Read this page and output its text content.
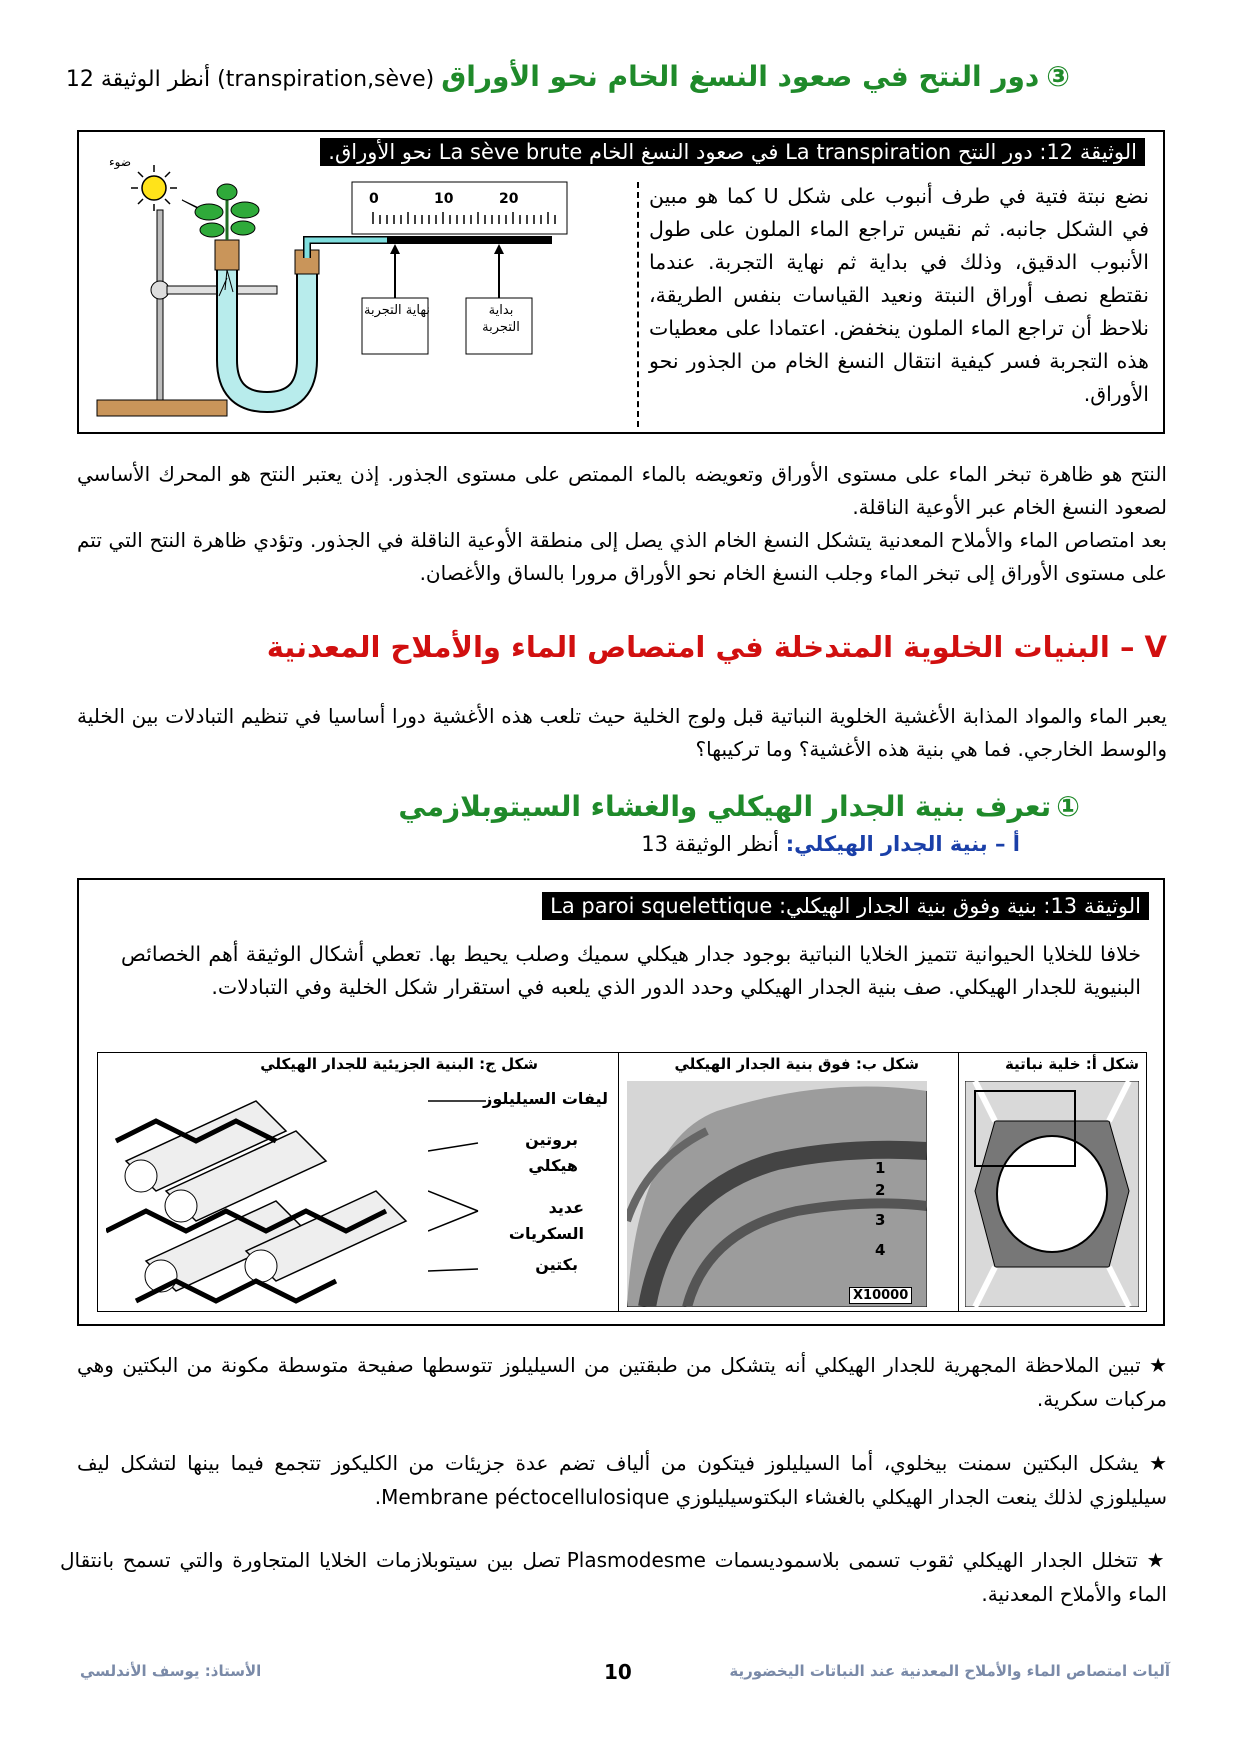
③ دور النتح في صعود النسغ الخام نحو الأوراق (transpiration,sève) أنظر الوثيقة 12
الوثيقة 12: دور النتح La transpiration في صعود النسغ الخام La sève brute نحو الأوراق.
نضع نبتة فتية في طرف أنبوب على شكل U كما هو مبين في الشكل جانبه. ثم نقيس تراجع الماء الملون على طول الأنبوب الدقيق، وذلك في بداية ثم نهاية التجربة. عندما نقتطع نصف أوراق النبتة ونعيد القياسات بنفس الطريقة، نلاحظ أن تراجع الماء الملون ينخفض. اعتمادا على معطيات هذه التجربة فسر كيفية انتقال النسغ الخام من الجذور نحو الأوراق.
ضوء
0	10	20
نهاية التجربة	بداية التجربة

النتح هو ظاهرة تبخر الماء على مستوى الأوراق وتعويضه بالماء الممتص على مستوى الجذور. إذن يعتبر النتح هو المحرك الأساسي لصعود النسغ الخام عبر الأوعية الناقلة.

بعد امتصاص الماء والأملاح المعدنية يتشكل النسغ الخام الذي يصل إلى منطقة الأوعية الناقلة في الجذور. وتؤدي ظاهرة النتح التي تتم على مستوى الأوراق إلى تبخر الماء وجلب النسغ الخام نحو الأوراق مرورا بالساق والأغصان.

V – البنيات الخلوية المتدخلة في امتصاص الماء والأملاح المعدنية
يعبر الماء والمواد المذابة الأغشية الخلوية النباتية قبل ولوج الخلية حيث تلعب هذه الأغشية دورا أساسيا في تنظيم التبادلات بين الخلية والوسط الخارجي. فما هي بنية هذه الأغشية؟ وما تركيبها؟
① تعرف بنية الجدار الهيكلي والغشاء السيتوبلازمي
أ – بنية الجدار الهيكلي: أنظر الوثيقة 13
الوثيقة 13: بنية وفوق بنية الجدار الهيكلي: La paroi squelettique
خلافا للخلايا الحيوانية تتميز الخلايا النباتية بوجود جدار هيكلي سميك وصلب يحيط بها. تعطي أشكال الوثيقة أهم الخصائص البنيوية للجدار الهيكلي. صف بنية الجدار الهيكلي وحدد الدور الذي يلعبه في استقرار شكل الخلية وفي التبادلات.
شكل أ: خلية نباتية
شكل ب: فوق بنية الجدار الهيكلي
1
2
3
4
X10000
شكل ج: البنية الجزيئية للجدار الهيكلي
ليفات السيليلوز
بروتين هيكلي
عديد السكريات
بكتين
★ تبين الملاحظة المجهرية للجدار الهيكلي أنه يتشكل من طبقتين من السيليلوز تتوسطها صفيحة متوسطة مكونة من البكتين وهي مركبات سكرية.
★ يشكل البكتين سمنت بيخلوي، أما السيليلوز فيتكون من ألياف تضم عدة جزيئات من الكليكوز تتجمع فيما بينها لتشكل ليف سيليلوزي لذلك ينعت الجدار الهيكلي بالغشاء البكتوسيليلوزي Membrane péctocellulosique.
★ تتخلل الجدار الهيكلي ثقوب تسمى بلاسموديسمات Plasmodesme تصل بين سيتوبلازمات الخلايا المتجاورة والتي تسمح بانتقال الماء والأملاح المعدنية.
الأستاذ: يوسف الأندلسي	10	آليات امتصاص الماء والأملاح المعدنية عند النباتات اليخضورية
